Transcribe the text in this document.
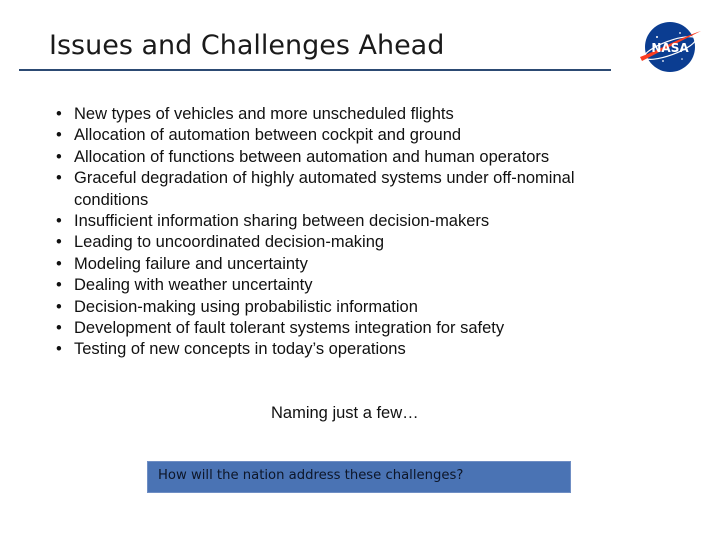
Issues and Challenges Ahead	NASA
• New types of vehicles and more unscheduled flights
• Allocation of automation between cockpit and ground
• Allocation of functions between automation and human operators
• Graceful degradation of highly automated systems under off-nominal conditions
• Insufficient information sharing between decision-makers
• Leading to uncoordinated decision-making
• Modeling failure and uncertainty
• Dealing with weather uncertainty
• Decision-making using probabilistic information
• Development of fault tolerant systems integration for safety
• Testing of new concepts in today’s operations
Naming just a few…
How will the nation address these challenges?
